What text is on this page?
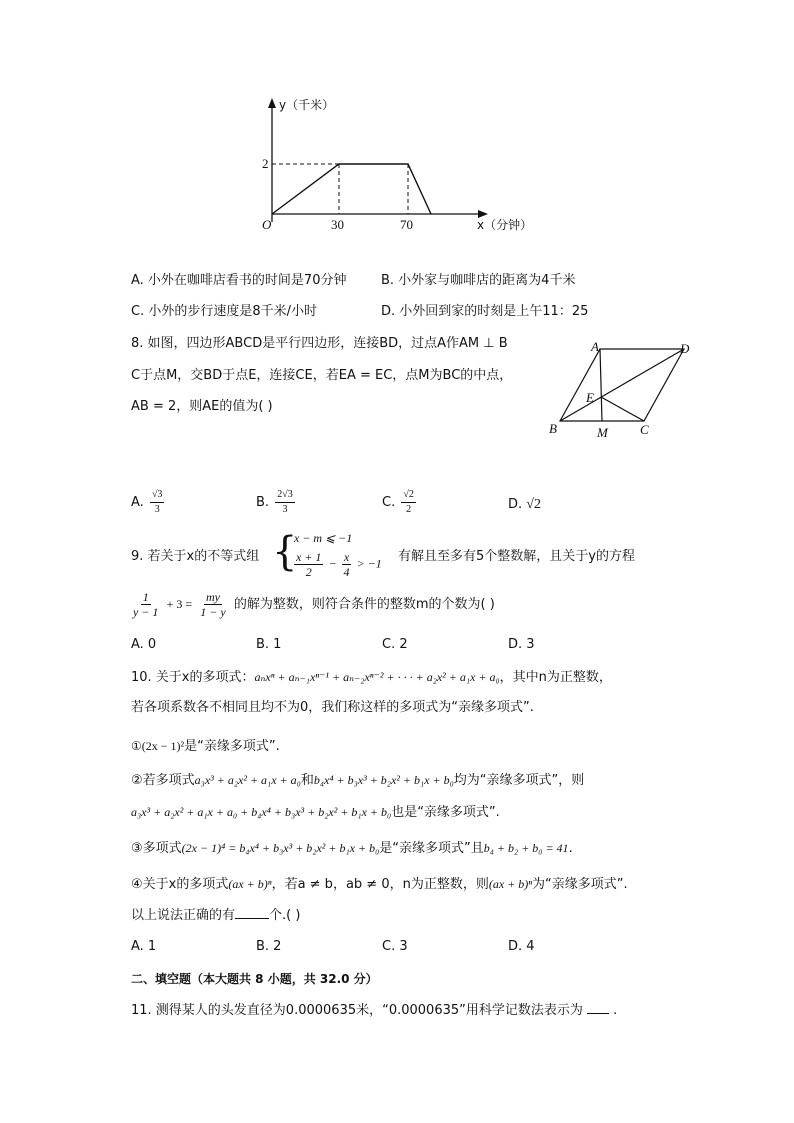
y（千米）
2
O	30	70	x（分钟）
A. 小外在咖啡店看书的时间是70分钟	B. 小外家与咖啡店的距离为4千米
C. 小外的步行速度是8千米/小时	D. 小外回到家的时刻是上午11：25
8. 如图，四边形ABCD是平行四边形，连接BD，过点A作AM ⊥ B
C于点M，交BD于点E，连接CE，若EA = EC，点M为BC的中点，
AB = 2，则AE的值为( )
A	D
E
B	M C
A. $\frac{√3}{3}$	B. $\frac{2√3}{3}$	C. $\frac{√2}{2}$	D. √2
9. 若关于x的不等式组 {
x − m ⩽ −1
$\frac{x + 1}{2} - \frac{x}{4} > -1$ 有解且至多有5个整数解，且关于y的方程
$\frac{1}{y - 1} + 3 = \frac{my}{1 - y}$ 的解为整数，则符合条件的整数m的个数为( )
A. 0	B. 1	C. 2	D. 3
10. 关于x的多项式：aₙxⁿ + aₙ₋₁xⁿ⁻¹ + aₙ₋₂xⁿ⁻² + · · · + a₂x² + a₁x + a₀，其中n为正整数，
若各项系数各不相同且均不为0，我们称这样的多项式为“亲缘多项式”.
①(2x − 1)²是“亲缘多项式”.
②若多项式a₃x³ + a₂x² + a₁x + a₀和b₄x⁴ + b₃x³ + b₂x² + b₁x + b₀均为“亲缘多项式”，则
a₃x³ + a₂x² + a₁x + a₀ + b₄x⁴ + b₃x³ + b₂x² + b₁x + b₀也是“亲缘多项式”.
③多项式(2x − 1)⁴ = b₄x⁴ + b₃x³ + b₂x² + b₁x + b₀是“亲缘多项式”且b₄ + b₂ + b₀ = 41.
④关于x的多项式(ax + b)ⁿ，若a ≠ b，ab ≠ 0，n为正整数，则(ax + b)ⁿ为“亲缘多项式”.
以上说法正确的有	个.( )
A. 1	B. 2	C. 3	D. 4
二、填空题（本大题共 8 小题，共 32.0 分）
11. 测得某人的头发直径为0.0000635米，“0.0000635”用科学记数法表示为 .
